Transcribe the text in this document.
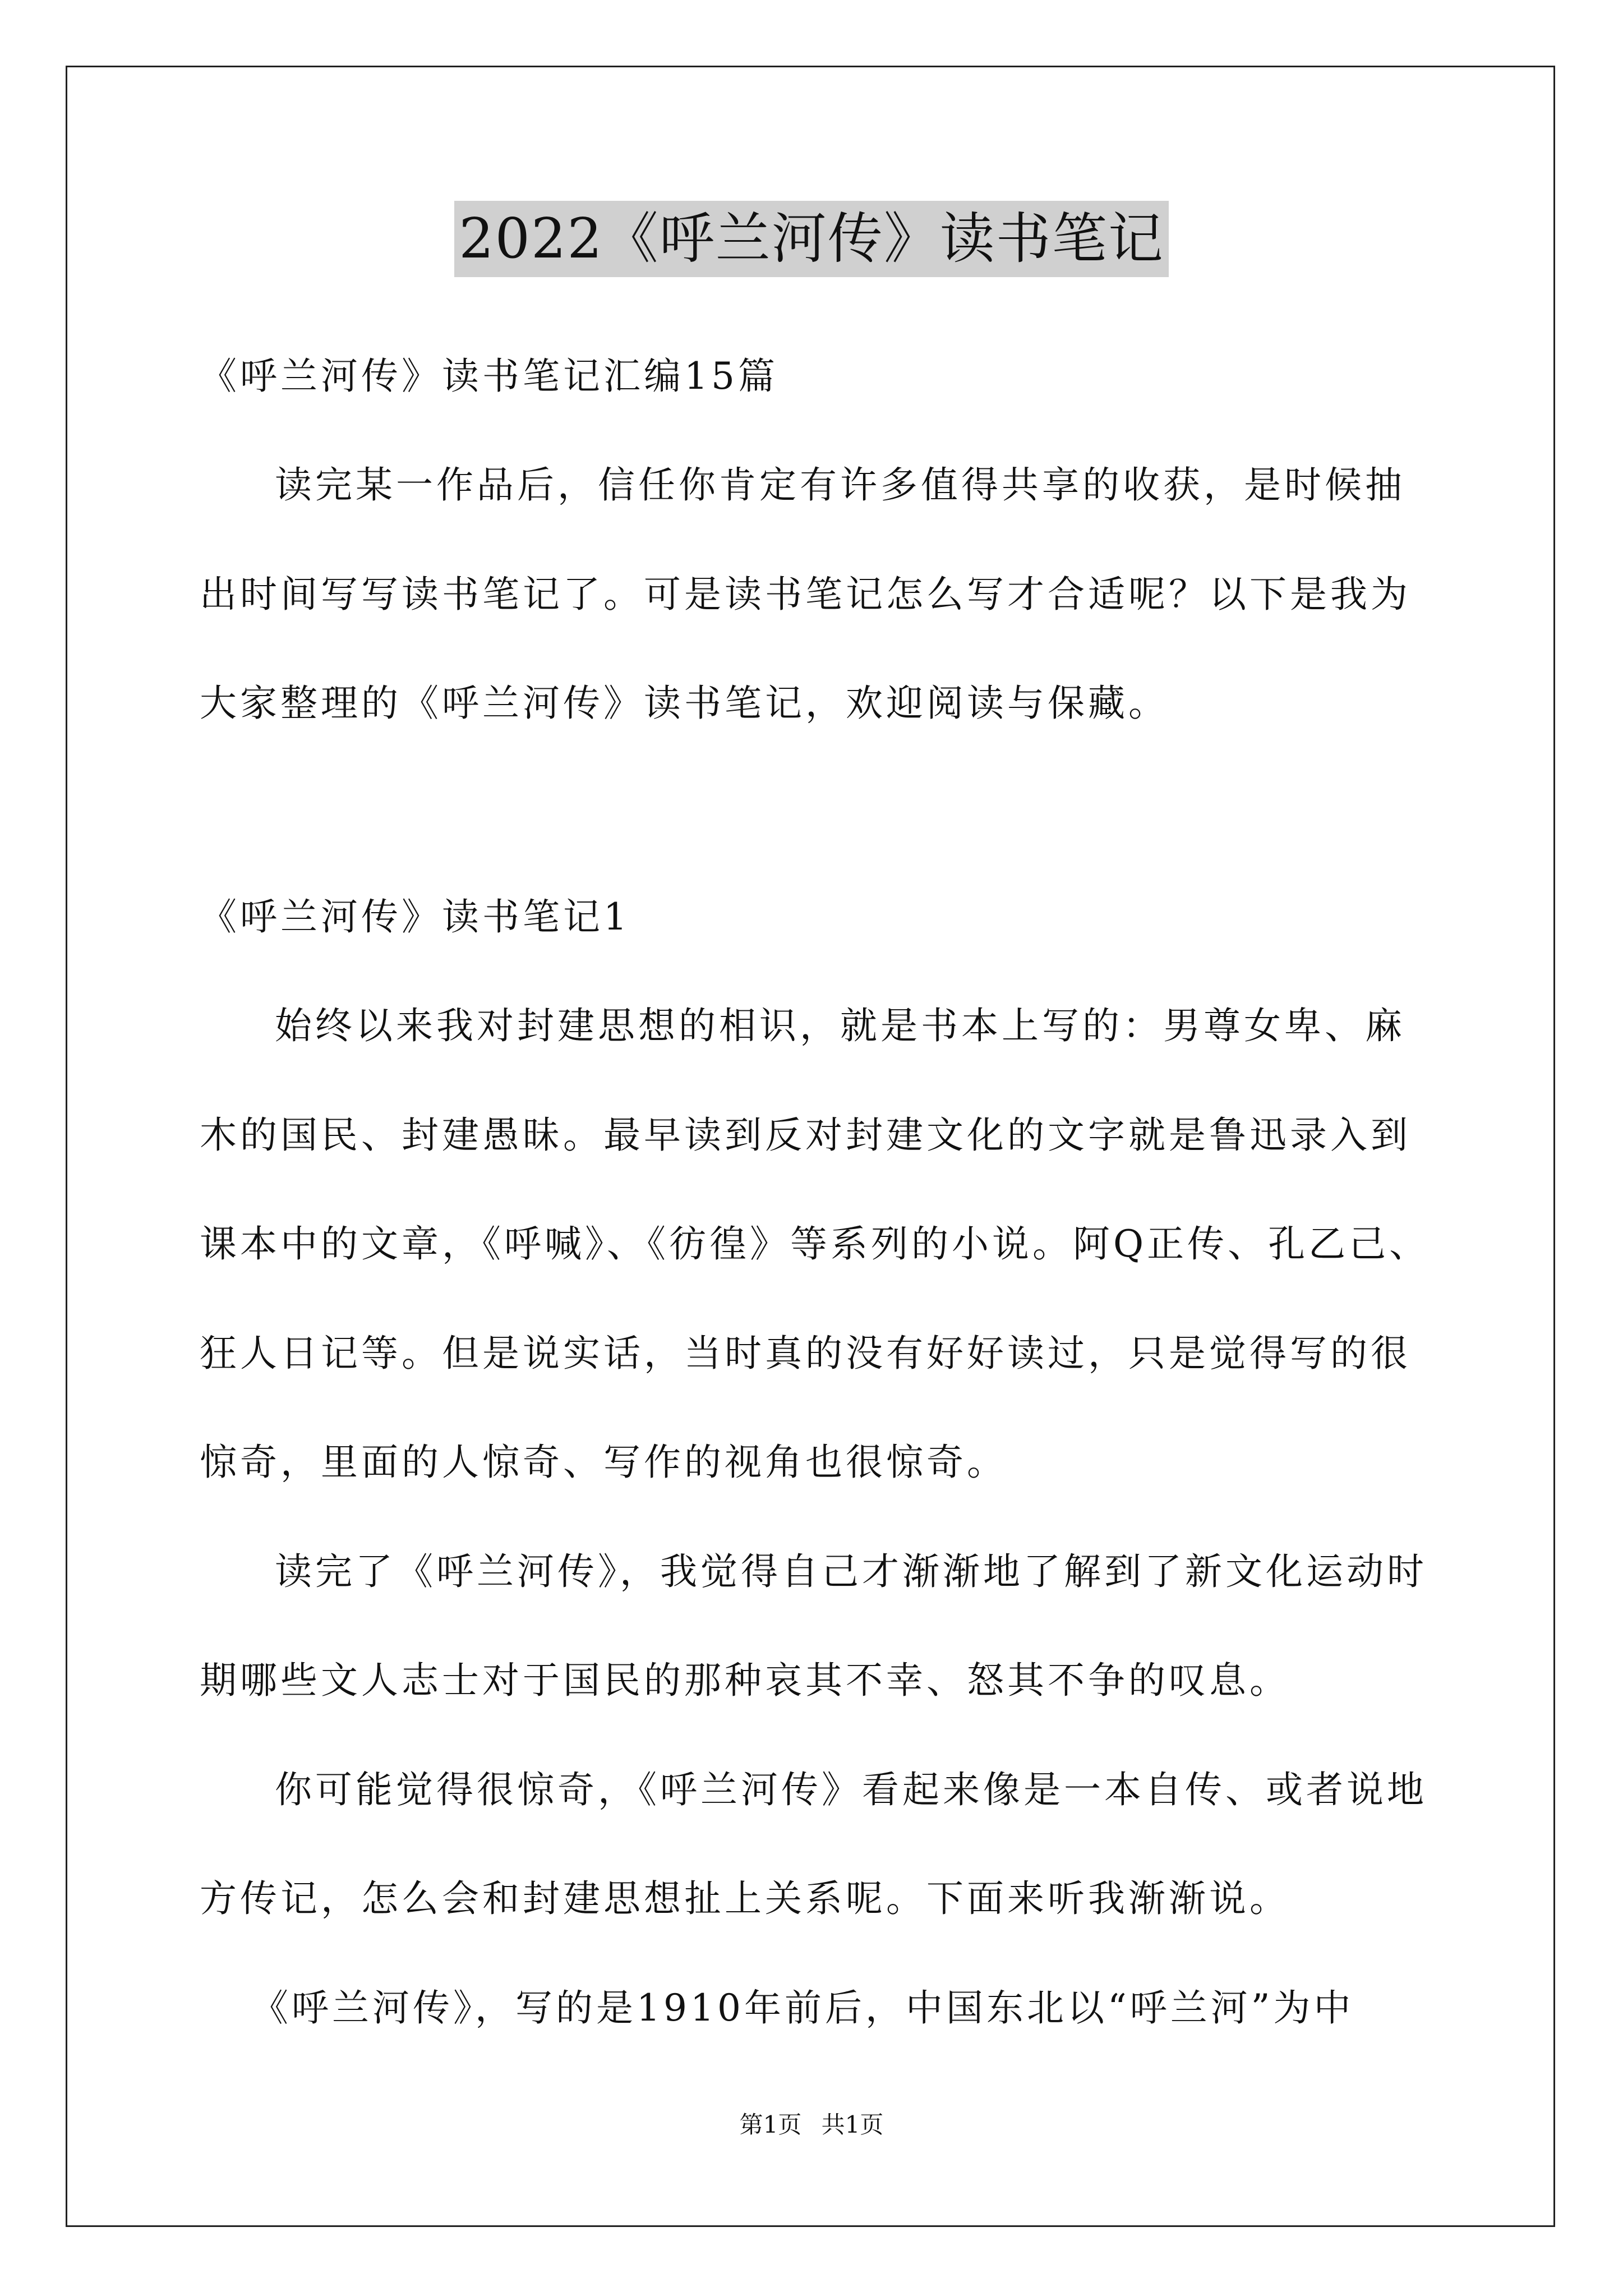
2022《呼兰河传》读书笔记
《呼兰河传》读书笔记汇编15篇
读完某一作品后，信任你肯定有许多值得共享的收获，是时候抽
出时间写写读书笔记了。可是读书笔记怎么写才合适呢？以下是我为
大家整理的《呼兰河传》读书笔记，欢迎阅读与保藏。
《呼兰河传》读书笔记1
始终以来我对封建思想的相识，就是书本上写的：男尊女卑、麻
木的国民、封建愚昧。最早读到反对封建文化的文字就是鲁迅录入到
课本中的文章，《呼喊》、《彷徨》等系列的小说。阿Q正传、孔乙己、
狂人日记等。但是说实话，当时真的没有好好读过，只是觉得写的很
惊奇，里面的人惊奇、写作的视角也很惊奇。
读完了《呼兰河传》，我觉得自己才渐渐地了解到了新文化运动时
期哪些文人志士对于国民的那种哀其不幸、怒其不争的叹息。
你可能觉得很惊奇，《呼兰河传》看起来像是一本自传、或者说地
方传记，怎么会和封建思想扯上关系呢。下面来听我渐渐说。
《呼兰河传》，写的是1910年前后，中国东北以“呼兰河”为中
第1页 共1页
